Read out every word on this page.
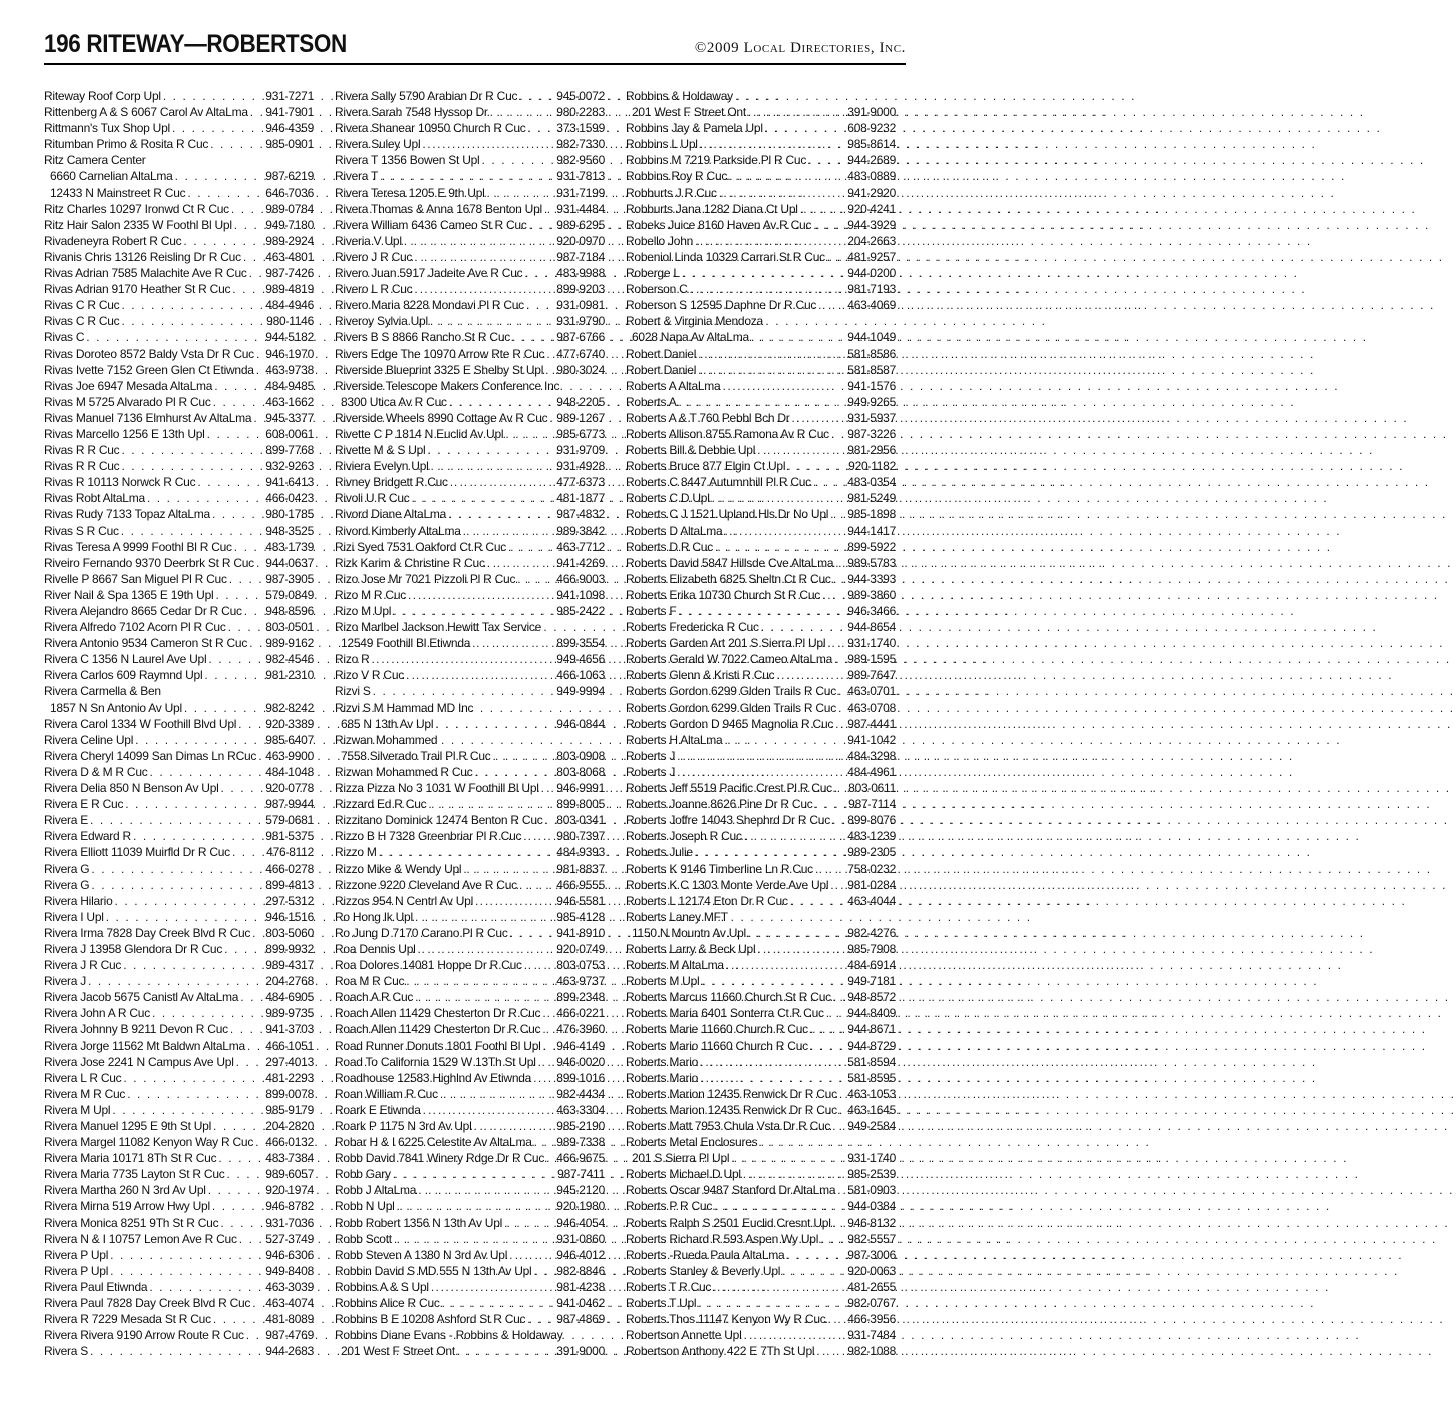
196 RITEWAY—ROBERTSON	©2009 Local Directories, Inc.
Riteway Roof Corp Upl . . .	931-7271
Rittenberg A & S 6067 Carol Av AltaLma . . . 941-7901
Rittmann's Tux Shop Upl . . .	946-4359
Ritumban Primo & Rosita R Cuc . . .	985-0901
Ritz Camera Center
6660 Carnelian AltaLma . . .	987-6219
12433 N Mainstreet R Cuc . . .	646-7036
Ritz Charles 10297 Ironwd Ct R Cuc . . .	989-0784
Ritz Hair Salon 2335 W Foothl Bl Upl . . .	949-7180
Rivadeneyra Robert R Cuc . . .	989-2924
Rivanis Chris 13126 Reisling Dr R Cuc . . . 463-4801
Rivas Adrian 7585 Malachite Ave R Cuc . . . 987-7426
Rivas Adrian 9170 Heather St R Cuc . . .	989-4819
Rivas C R Cuc . . .	484-4946
Rivas C R Cuc . . .	980-1146
Rivas C . . .	944-5182
Rivas Doroteo 8572 Baldy Vsta Dr R Cuc . . . 946-1970
Rivas Ivette 7152 Green Glen Ct Etiwnda . . . 463-9738
Rivas Joe 6947 Mesada AltaLma . . .	484-9485
Rivas M 5725 Alvarado Pl R Cuc . . .	463-1662
Rivas Manuel 7136 Elmhurst Av AltaLma . . . 945-3377
Rivas Marcello 1256 E 13th Upl . . .	608-0061
Rivas R R Cuc . . .	899-7768
Rivas R R Cuc . . .	932-9263
Rivas R 10113 Norwck R Cuc . . .	941-6413
Rivas Robt AltaLma . . .	466-0423
Rivas Rudy 7133 Topaz AltaLma . . .	980-1785
Rivas S R Cuc . . .	948-3525
Rivas Teresa A 9999 Foothl Bl R Cuc . . .	483-1739
Riveiro Fernando 9370 Deerbrk St R Cuc . . . 944-0637
Rivelle P 8667 San Miguel Pl R Cuc . . .	987-3905
River Nail & Spa 1365 E 19th Upl . . .	579-0849
Rivera Alejandro 8665 Cedar Dr R Cuc . . . 948-8596
Rivera Alfredo 7102 Acorn Pl R Cuc . . .	803-0501
Rivera Antonio 9534 Cameron St R Cuc . . . 989-9162
Rivera C 1356 N Laurel Ave Upl . . .	982-4546
Rivera Carlos 609 Raymnd Upl . . .	981-2310
Rivera Carmella & Ben
1857 N Sn Antonio Av Upl . . .	982-8242
Rivera Carol 1334 W Foothill Blvd Upl . . . 920-3389
Rivera Celine Upl . . .	985-6407
Rivera Cheryl 14099 San Dimas Ln RCuc . . . 463-9900
Rivera D & M R Cuc . . .	484-1048
Rivera Delia 850 N Benson Av Upl . . .	920-0778
Rivera E R Cuc . . .	987-9944
Rivera E . . .	579-0681
Rivera Edward R . . .	981-5375
Rivera Elliott 11039 Muirfld Dr R Cuc . . .	476-8112
Rivera G . . .	466-0278
Rivera G . . .	899-4813
Rivera Hilario . . .	297-5312
Rivera I Upl . . .	946-1516
Rivera Irma 7828 Day Creek Blvd R Cuc . . . 803-5060
Rivera J 13958 Glendora Dr R Cuc . . .	899-9932
Rivera J R Cuc . . .	989-4317
Rivera J . . .	204-2768
Rivera Jacob 5675 Canistl Av AltaLma . . . 484-6905
Rivera John A R Cuc . . .	989-9735
Rivera Johnny B 9211 Devon R Cuc . . .	941-3703
Rivera Jorge 11562 Mt Baldwn AltaLma . . . 466-1051
Rivera Jose 2241 N Campus Ave Upl . . .	297-4013
Rivera L R Cuc . . .	481-2293
Rivera M R Cuc . . .	899-0078
Rivera M Upl . . .	985-9179
Rivera Manuel 1295 E 9th St Upl . . .	204-2820
Rivera Margel 11082 Kenyon Way R Cuc . . . 466-0132
Rivera Maria 10171 8Th St R Cuc . . .	483-7384
Rivera Maria 7735 Layton St R Cuc . . .	989-6057
Rivera Martha 260 N 3rd Av Upl . . .	920-1974
Rivera Mirna 519 Arrow Hwy Upl . . .	946-8782
Rivera Monica 8251 9Th St R Cuc . . .	931-7036
Rivera N & I 10757 Lemon Ave R Cuc . . . 527-3749
Rivera P Upl . . .	946-6306
Rivera P Upl . . .	949-8408
Rivera Paul Etiwnda . . .	463-3039
Rivera Paul 7828 Day Creek Blvd R Cuc . . . 463-4074
Rivera R 7229 Mesada St R Cuc . . .	481-8089
Rivera Rivera 9190 Arrow Route R Cuc . . . 987-4769
Rivera S . . .	944-2683
Rivera Sally 5790 Arabian Dr R Cuc . . .	945-0072
Rivera Sarah 7548 Hyssop Dr . . .	980-2283
Rivera Shanear 10950 Church R Cuc . . .	373-1599
Rivera Suley Upl . . .	982-7330
Rivera T 1356 Bowen St Upl . . .	982-9560
Rivera T . . .	931-7813
Rivera Teresa 1205 E 9th Upl . . .	931-7199
Rivera Thomas & Anna 1678 Benton Upl . . . 931-4484
Rivera William 6436 Cameo St R Cuc . . . 989-6295
Riveria V Upl . . .	920-0970
Rivero J R Cuc . . .	987-7184
Rivero Juan 5917 Jadeite Ave R Cuc . . .	483-9988
Rivero L R Cuc . . .	899-9203
Rivero Maria 8228 Mondavi Pl R Cuc . . .	931-0981
Riveroy Sylvia Upl . . .	931-9790
Rivers B S 8866 Rancho St R Cuc . . .	987-6766
Rivers Edge The 10970 Arrow Rte R Cuc . . . 477-6740
Riverside Blueprint 3325 E Shelby St Upl . . . 980-3024
Riverside Telescope Makers Conference Inc
8300 Utica Av R Cuc . . .	948-2205
Riverside Wheels 8990 Cottage Av R Cuc . . . 989-1267
Rivette C P 1814 N Euclid Av Upl . . .	985-6773
Rivette M & S Upl . . .	931-9709
Riviera Evelyn Upl . . .	931-4928
Rivney Bridgett R Cuc . . .	477-6373
Rivoli U R Cuc . . .	481-1877
Rivord Diane AltaLma . . .	987-4832
Rivord Kimberly AltaLma . . .	989-3842
Rizi Syed 7531 Oakford Ct R Cuc . . .	463-7712
Rizk Karim & Christine R Cuc . . .	941-4269
Rizo Jose Mr 7021 Pizzoli Pl R Cuc . . .	466-9003
Rizo M R Cuc . . .	941-1098
Rizo M Upl . . .	985-2422
Rizo Marlbel Jackson Hewitt Tax Service
12549 Foothill Bl Etiwnda . . .	899-3554
Rizo R . . .	949-4656
Rizo V R Cuc . . .	466-1063
Rizvi S . . .	949-9994
Rizvi S M Hammad MD Inc
685 N 13th Av Upl . . .	946-0844
Rizwan Mohammed
7558 Silverado Trail Pl R Cuc . . .	803-0908
Rizwan Mohammed R Cuc . . .	803-8068
Rizza Pizza No 3 1031 W Foothill Bl Upl . . . 946-9991
Rizzard Ed R Cuc . . .	899-8005
Rizzitano Dominick 12474 Benton R Cuc . . . 803-0341
Rizzo B H 7328 Greenbriar Pl R Cuc . . .	980-7397
Rizzo M . . .	484-9393
Rizzo Mike & Wendy Upl . . .	981-8837
Rizzone 9220 Cleveland Ave R Cuc . . .	466-9555
Rizzos 954 N Centrl Av Upl . . .	946-5581
Ro Hong Ik Upl . . .	985-4128
Ro Jung D 7170 Carano Pl R Cuc . . .	941-8910
Roa Dennis Upl . . .	920-0749
Roa Dolores 14081 Hoppe Dr R Cuc . . .	803-0753
Roa M R Cuc . . .	463-9737
Roach A R Cuc . . .	899-2348
Roach Allen 11429 Chesterton Dr R Cuc . . . 466-0221
Roach Allen 11429 Chesterton Dr R Cuc . . . 476-3960
Road Runner Donuts 1801 Foothl Bl Upl . . . 946-4149
Road To California 1529 W 13Th St Upl . . . 946-0020
Roadhouse 12583 Highlnd Av Etiwnda . . . 899-1016
Roan William R Cuc . . .	982-4434
Roark E Etiwnda . . .	463-3304
Roark P 1175 N 3rd Av Upl . . .	985-2190
Robar H & I 6225 Celestite Av AltaLma . . . 989-7338
Robb David 7841 Winery Rdge Dr R Cuc . . . 466-9675
Robb Gary . . .	987-7411
Robb J AltaLma . . .	945-2120
Robb N Upl . . .	920-1980
Robb Robert 1356 N 13th Av Upl . . .	946-4054
Robb Scott . . .	931-0860
Robb Steven A 1380 N 3rd Av Upl . . .	946-4012
Robbin David S MD 555 N 13th Av Upl . . . 982-8846
Robbins A & S Upl . . .	981-4238
Robbins Alice R Cuc . . .	941-0462
Robbins B E 10208 Ashford St R Cuc . . .	987-4869
Robbins Diane Evans - Robbins & Holdaway
201 West F Street Ont . . .	391-9000
Robbins & Holdaway
201 West F Street Ont . . .	391-9000
Robbins Jay & Pamela Upl . . .	608-9232
Robbins L Upl . . .	985-8614
Robbins M 7219 Parkside Pl R Cuc . . .	944-2689
Robbins Roy R Cuc . . .	483-0889
Robburts J R Cuc . . .	941-2920
Robburts Jana 1282 Diana Ct Upl . . .	920-4241
Robeks Juice 8160 Haven Av R Cuc . . .	944-3929
Robello John . . .	204-2663
Robeniol Linda 10329 Carrari St R Cuc . . . 481-9257
Roberge L . . .	944-0200
Roberson C . . .	981-7193
Roberson S 12595 Daphne Dr R Cuc . . .	463-4069
Robert & Virginia Mendoza
6028 Napa Av AltaLma . . .	944-1049
Robert Daniel . . .	581-8586
Robert Daniel . . .	581-8587
Roberts A AltaLma . . .	941-1576
Roberts A . . .	949-9265
Roberts A & T 760 Pebbl Bch Dr . . .	931-5937
Roberts Allison 8755 Ramona Av R Cuc . . . 987-3226
Roberts Bill & Debbie Upl . . .	981-2956
Roberts Bruce 877 Elgin Ct Upl . . .	920-1182
Roberts C 8447 Autumnhill Pl R Cuc . . .	483-0354
Roberts C D Upl . . .	981-5249
Roberts C J 1521 Upland Hls Dr No Upl . . . 985-1898
Roberts D AltaLma . . .	944-1417
Roberts D R Cuc . . .	899-5922
Roberts David 5847 Hillsde Cve AltaLma . . . 989-5783
Roberts Elizabeth 6825 Sheltn Ct R Cuc . . . 944-3393
Roberts Erika 10730 Church St R Cuc . . . 989-3860
Roberts F . . .	946-3466
Roberts Fredericka R Cuc . . .	944-8654
Roberts Garden Art 201 S Sierra Pl Upl . . . 931-1740
Roberts Gerald W 7022 Cameo AltaLma . . . 989-1595
Roberts Glenn & Kristi R Cuc . . .	989-7647
Roberts Gordon 6299 Glden Trails R Cuc . . . 463-0701
Roberts Gordon 6299 Glden Trails R Cuc . . . 463-0708
Roberts Gordon D 9465 Magnolia R Cuc . . . 987-4441
Roberts H AltaLma . . .	941-1042
Roberts J . . .	484-3298
Roberts J . . .	484-4961
Roberts Jeff 5519 Pacific Crest Pl R Cuc . . . 803-0611
Roberts Joanne 8626 Pine Dr R Cuc . . .	987-7114
Roberts Joffre 14043 Shephrd Dr R Cuc . . . 899-8076
Roberts Joseph R Cuc . . .	483-1239
Roberts Julie . . .	989-2305
Roberts K 9146 Timberline Ln R Cuc . . .	758-0232
Roberts K C 1303 Monte Verde Ave Upl . . . 981-0284
Roberts L 12174 Eton Dr R Cuc . . .	463-4044
Roberts Laney MFT
1150 N Mountn Av Upl . . .	982-4276
Roberts Larry & Beck Upl . . .	985-7908
Roberts M AltaLma . . .	484-6914
Roberts M Upl . . .	949-7181
Roberts Marcus 11660 Church St R Cuc . . . 948-8572
Roberts Maria 6401 Sonterra Ct R Cuc . . . 944-8409
Roberts Marie 11660 Church R Cuc . . .	944-8671
Roberts Mario 11660 Church R Cuc . . .	944-8729
Roberts Mario . . .	581-8594
Roberts Mario . . .	581-8595
Roberts Marion 12435 Renwick Dr R Cuc . . . 463-1053
Roberts Marion 12435 Renwick Dr R Cuc . . . 463-1645
Roberts Matt 7953 Chula Vsta Dr R Cuc . . . 949-2584
Roberts Metal Enclosures
201 S Sierra Pl Upl . . .	931-1740
Roberts Michael D Upl . . .	985-2539
Roberts Oscar 9487 Stanford Dr AltaLma . . . 581-0903
Roberts P R Cuc . . .	944-0384
Roberts Ralph S 2501 Euclid Cresnt Upl . . . 946-8132
Roberts Richard R 593 Aspen Wy Upl . . . 982-5557
Roberts -Rueda Paula AltaLma . . .	987-3006
Roberts Stanley & Beverly Upl . . .	920-0063
Roberts T R Cuc . . .	481-2655
Roberts T Upl . . .	982-0767
Roberts Thos 11147 Kenyon Wy R Cuc . . . 466-3956
Robertson Annette Upl . . .	931-7484
Robertson Anthony 422 E 7Th St Upl . . .	982-1088
